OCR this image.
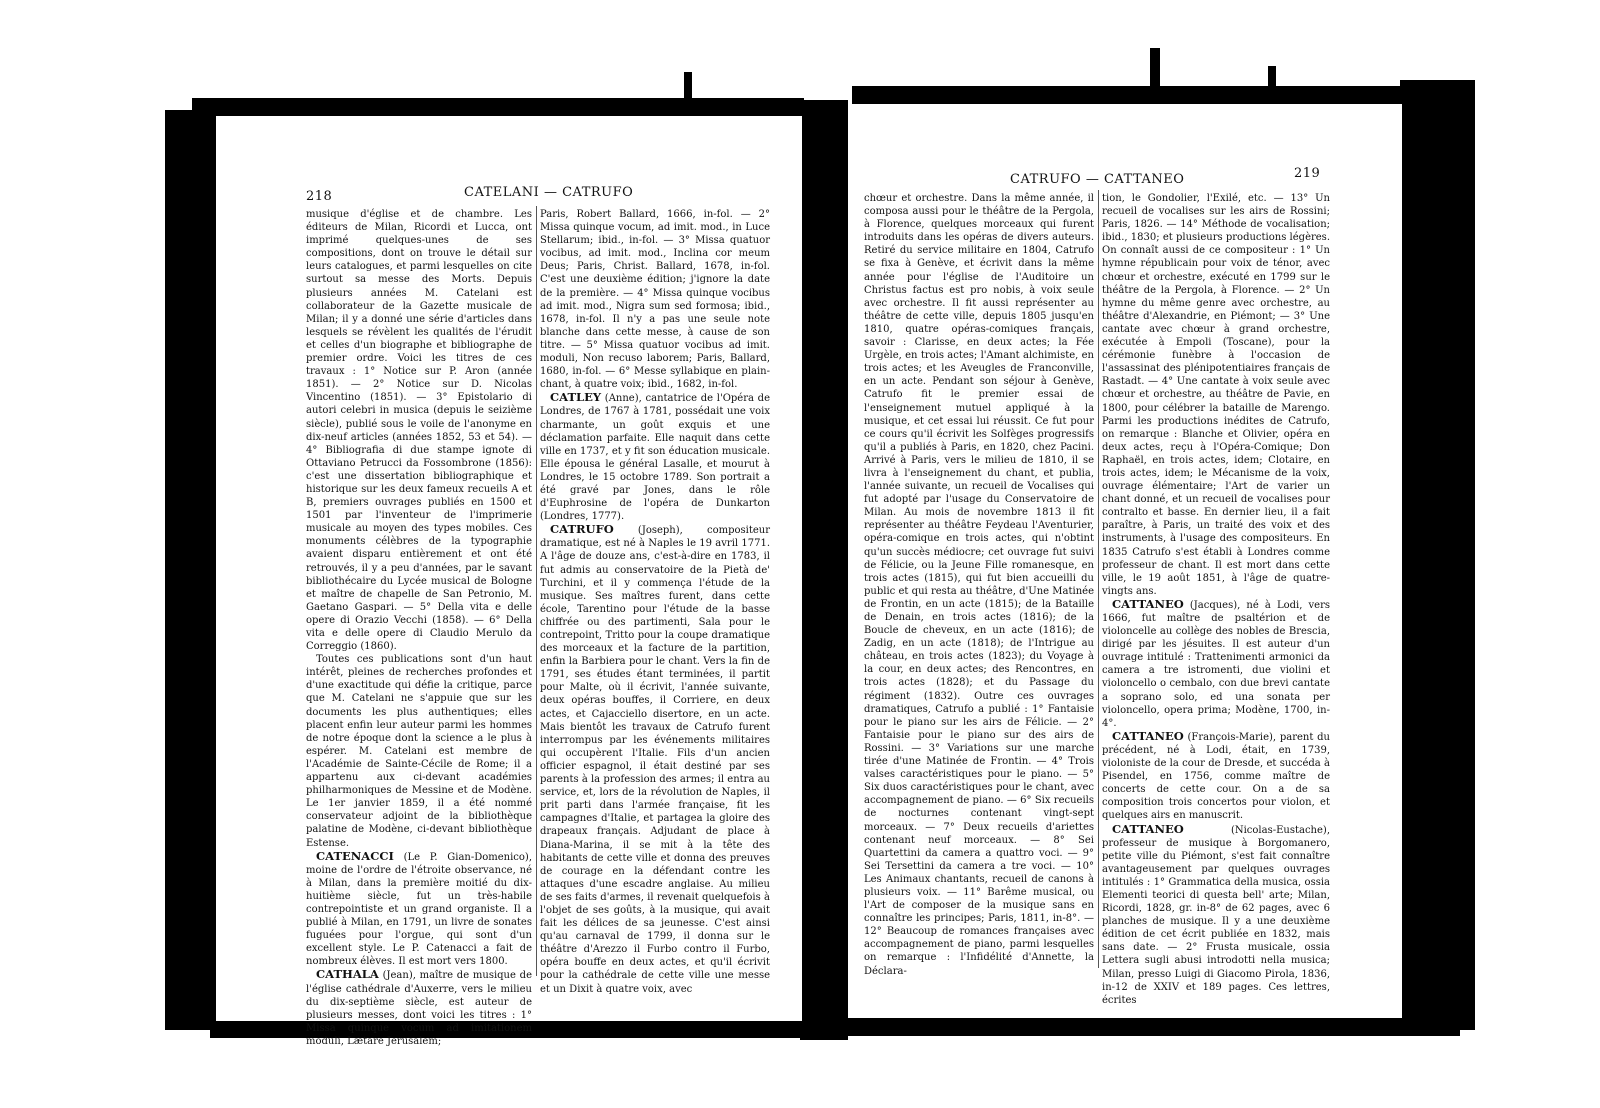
218	CATELANI — CATRUFO

musique d'église et de chambre. Les éditeurs de Milan, Ricordi et Lucca, ont imprimé quelques-unes de ses compositions, dont on trouve le détail sur leurs catalogues, et parmi lesquelles on cite surtout sa messe des Morts. Depuis plusieurs années M. Catelani est collaborateur de la Gazette musicale de Milan; il y a donné une série d'articles dans lesquels se révèlent les qualités de l'érudit et celles d'un biographe et bibliographe de premier ordre. Voici les titres de ces travaux : 1° Notice sur P. Aron (année 1851). — 2° Notice sur D. Nicolas Vincentino (1851). — 3° Epistolario di autori celebri in musica (depuis le seizième siècle), publié sous le voile de l'anonyme en dix-neuf articles (années 1852, 53 et 54). — 4° Bibliografia di due stampe ignote di Ottaviano Petrucci da Fossombrone (1856): c'est une dissertation bibliographique et historique sur les deux fameux recueils A et B, premiers ouvrages publiés en 1500 et 1501 par l'inventeur de l'imprimerie musicale au moyen des types mobiles. Ces monuments célèbres de la typographie avaient disparu entièrement et ont été retrouvés, il y a peu d'années, par le savant bibliothécaire du Lycée musical de Bologne et maître de chapelle de San Petronio, M. Gaetano Gaspari. — 5° Della vita e delle opere di Orazio Vecchi (1858). — 6° Della vita e delle opere di Claudio Merulo da Correggio (1860).

Toutes ces publications sont d'un haut intérêt, pleines de recherches profondes et d'une exactitude qui défie la critique, parce que M. Catelani ne s'appuie que sur les documents les plus authentiques; elles placent enfin leur auteur parmi les hommes de notre époque dont la science a le plus à espérer. M. Catelani est membre de l'Académie de Sainte-Cécile de Rome; il a appartenu aux ci-devant académies philharmoniques de Messine et de Modène. Le 1er janvier 1859, il a été nommé conservateur adjoint de la bibliothèque palatine de Modène, ci-devant bibliothèque Estense.

CATENACCI (Le P. Gian-Domenico), moine de l'ordre de l'étroite observance, né à Milan, dans la première moitié du dix-huitième siècle, fut un très-habile contrepointiste et un grand organiste. Il a publié à Milan, en 1791, un livre de sonates fuguées pour l'orgue, qui sont d'un excellent style. Le P. Catenacci a fait de nombreux élèves. Il est mort vers 1800.

CATHALA (Jean), maître de musique de l'église cathédrale d'Auxerre, vers le milieu du dix-septième siècle, est auteur de plusieurs messes, dont voici les titres : 1° Missa quinque vocum ad imitationem moduli, Lætare Jerusalem;

Paris, Robert Ballard, 1666, in-fol. — 2° Missa quinque vocum, ad imit. mod., in Luce Stellarum; ibid., in-fol. — 3° Missa quatuor vocibus, ad imit. mod., Inclina cor meum Deus; Paris, Christ. Ballard, 1678, in-fol. C'est une deuxième édition; j'ignore la date de la première. — 4° Missa quinque vocibus ad imit. mod., Nigra sum sed formosa; ibid., 1678, in-fol. Il n'y a pas une seule note blanche dans cette messe, à cause de son titre. — 5° Missa quatuor vocibus ad imit. moduli, Non recuso laborem; Paris, Ballard, 1680, in-fol. — 6° Messe syllabique en plain-chant, à quatre voix; ibid., 1682, in-fol.

CATLEY (Anne), cantatrice de l'Opéra de Londres, de 1767 à 1781, possédait une voix charmante, un goût exquis et une déclamation parfaite. Elle naquit dans cette ville en 1737, et y fit son éducation musicale. Elle épousa le général Lasalle, et mourut à Londres, le 15 octobre 1789. Son portrait a été gravé par Jones, dans le rôle d'Euphrosine de l'opéra de Dunkarton (Londres, 1777).

CATRUFO (Joseph), compositeur dramatique, est né à Naples le 19 avril 1771. A l'âge de douze ans, c'est-à-dire en 1783, il fut admis au conservatoire de la Pietà de' Turchini, et il y commença l'étude de la musique. Ses maîtres furent, dans cette école, Tarentino pour l'étude de la basse chiffrée ou des partimenti, Sala pour le contrepoint, Tritto pour la coupe dramatique des morceaux et la facture de la partition, enfin la Barbiera pour le chant. Vers la fin de 1791, ses études étant terminées, il partit pour Malte, où il écrivit, l'année suivante, deux opéras bouffes, il Corriere, en deux actes, et Cajacciello disertore, en un acte. Mais bientôt les travaux de Catrufo furent interrompus par les événements militaires qui occupèrent l'Italie. Fils d'un ancien officier espagnol, il était destiné par ses parents à la profession des armes; il entra au service, et, lors de la révolution de Naples, il prit parti dans l'armée française, fit les campagnes d'Italie, et partagea la gloire des drapeaux français. Adjudant de place à Diana-Marina, il se mit à la tête des habitants de cette ville et donna des preuves de courage en la défendant contre les attaques d'une escadre anglaise. Au milieu de ses faits d'armes, il revenait quelquefois à l'objet de ses goûts, à la musique, qui avait fait les délices de sa jeunesse. C'est ainsi qu'au carnaval de 1799, il donna sur le théâtre d'Arezzo il Furbo contro il Furbo, opéra bouffe en deux actes, et qu'il écrivit pour la cathédrale de cette ville une messe et un Dixit à quatre voix, avec

CATRUFO — CATTANEO	219

chœur et orchestre. Dans la même année, il composa aussi pour le théâtre de la Pergola, à Florence, quelques morceaux qui furent introduits dans les opéras de divers auteurs. Retiré du service militaire en 1804, Catrufo se fixa à Genève, et écrivit dans la même année pour l'église de l'Auditoire un Christus factus est pro nobis, à voix seule avec orchestre. Il fit aussi représenter au théâtre de cette ville, depuis 1805 jusqu'en 1810, quatre opéras-comiques français, savoir : Clarisse, en deux actes; la Fée Urgèle, en trois actes; l'Amant alchimiste, en trois actes; et les Aveugles de Franconville, en un acte. Pendant son séjour à Genève, Catrufo fit le premier essai de l'enseignement mutuel appliqué à la musique, et cet essai lui réussit. Ce fut pour ce cours qu'il écrivit les Solfèges progressifs qu'il a publiés à Paris, en 1820, chez Pacini. Arrivé à Paris, vers le milieu de 1810, il se livra à l'enseignement du chant, et publia, l'année suivante, un recueil de Vocalises qui fut adopté par l'usage du Conservatoire de Milan. Au mois de novembre 1813 il fit représenter au théâtre Feydeau l'Aventurier, opéra-comique en trois actes, qui n'obtint qu'un succès médiocre; cet ouvrage fut suivi de Félicie, ou la Jeune Fille romanesque, en trois actes (1815), qui fut bien accueilli du public et qui resta au théâtre, d'Une Matinée de Frontin, en un acte (1815); de la Bataille de Denain, en trois actes (1816); de la Boucle de cheveux, en un acte (1816); de Zadig, en un acte (1818); de l'Intrigue au château, en trois actes (1823); du Voyage à la cour, en deux actes; des Rencontres, en trois actes (1828); et du Passage du régiment (1832). Outre ces ouvrages dramatiques, Catrufo a publié : 1° Fantaisie pour le piano sur les airs de Félicie. — 2° Fantaisie pour le piano sur des airs de Rossini. — 3° Variations sur une marche tirée d'une Matinée de Frontin. — 4° Trois valses caractéristiques pour le piano. — 5° Six duos caractéristiques pour le chant, avec accompagnement de piano. — 6° Six recueils de nocturnes contenant vingt-sept morceaux. — 7° Deux recueils d'ariettes contenant neuf morceaux. — 8° Sei Quartettini da camera a quattro voci. — 9° Sei Tersettini da camera a tre voci. — 10° Les Animaux chantants, recueil de canons à plusieurs voix. — 11° Barême musical, ou l'Art de composer de la musique sans en connaître les principes; Paris, 1811, in-8°. — 12° Beaucoup de romances françaises avec accompagnement de piano, parmi lesquelles on remarque : l'Infidélité d'Annette, la Déclara-

tion, le Gondolier, l'Exilé, etc. — 13° Un recueil de vocalises sur les airs de Rossini; Paris, 1826. — 14° Méthode de vocalisation; ibid., 1830; et plusieurs productions légères. On connaît aussi de ce compositeur : 1° Un hymne républicain pour voix de ténor, avec chœur et orchestre, exécuté en 1799 sur le théâtre de la Pergola, à Florence. — 2° Un hymne du même genre avec orchestre, au théâtre d'Alexandrie, en Piémont; — 3° Une cantate avec chœur à grand orchestre, exécutée à Empoli (Toscane), pour la cérémonie funèbre à l'occasion de l'assassinat des plénipotentiaires français de Rastadt. — 4° Une cantate à voix seule avec chœur et orchestre, au théâtre de Pavie, en 1800, pour célébrer la bataille de Marengo. Parmi les productions inédites de Catrufo, on remarque : Blanche et Olivier, opéra en deux actes, reçu à l'Opéra-Comique; Don Raphaël, en trois actes, idem; Clotaire, en trois actes, idem; le Mécanisme de la voix, ouvrage élémentaire; l'Art de varier un chant donné, et un recueil de vocalises pour contralto et basse. En dernier lieu, il a fait paraître, à Paris, un traité des voix et des instruments, à l'usage des compositeurs. En 1835 Catrufo s'est établi à Londres comme professeur de chant. Il est mort dans cette ville, le 19 août 1851, à l'âge de quatre-vingts ans.

CATTANEO (Jacques), né à Lodi, vers 1666, fut maître de psaltérion et de violoncelle au collège des nobles de Brescia, dirigé par les jésuites. Il est auteur d'un ouvrage intitulé : Trattenimenti armonici da camera a tre istromenti, due violini et violoncello o cembalo, con due brevi cantate a soprano solo, ed una sonata per violoncello, opera prima; Modène, 1700, in-4°.

CATTANEO (François-Marie), parent du précédent, né à Lodi, était, en 1739, violoniste de la cour de Dresde, et succéda à Pisendel, en 1756, comme maître de concerts de cette cour. On a de sa composition trois concertos pour violon, et quelques airs en manuscrit.

CATTANEO (Nicolas-Eustache), professeur de musique à Borgomanero, petite ville du Piémont, s'est fait connaître avantageusement par quelques ouvrages intitulés : 1° Grammatica della musica, ossia Elementi teorici di questa bell' arte; Milan, Ricordi, 1828, gr. in-8° de 62 pages, avec 6 planches de musique. Il y a une deuxième édition de cet écrit publiée en 1832, mais sans date. — 2° Frusta musicale, ossia Lettera sugli abusi introdotti nella musica; Milan, presso Luigi di Giacomo Pirola, 1836, in-12 de XXIV et 189 pages. Ces lettres, écrites
